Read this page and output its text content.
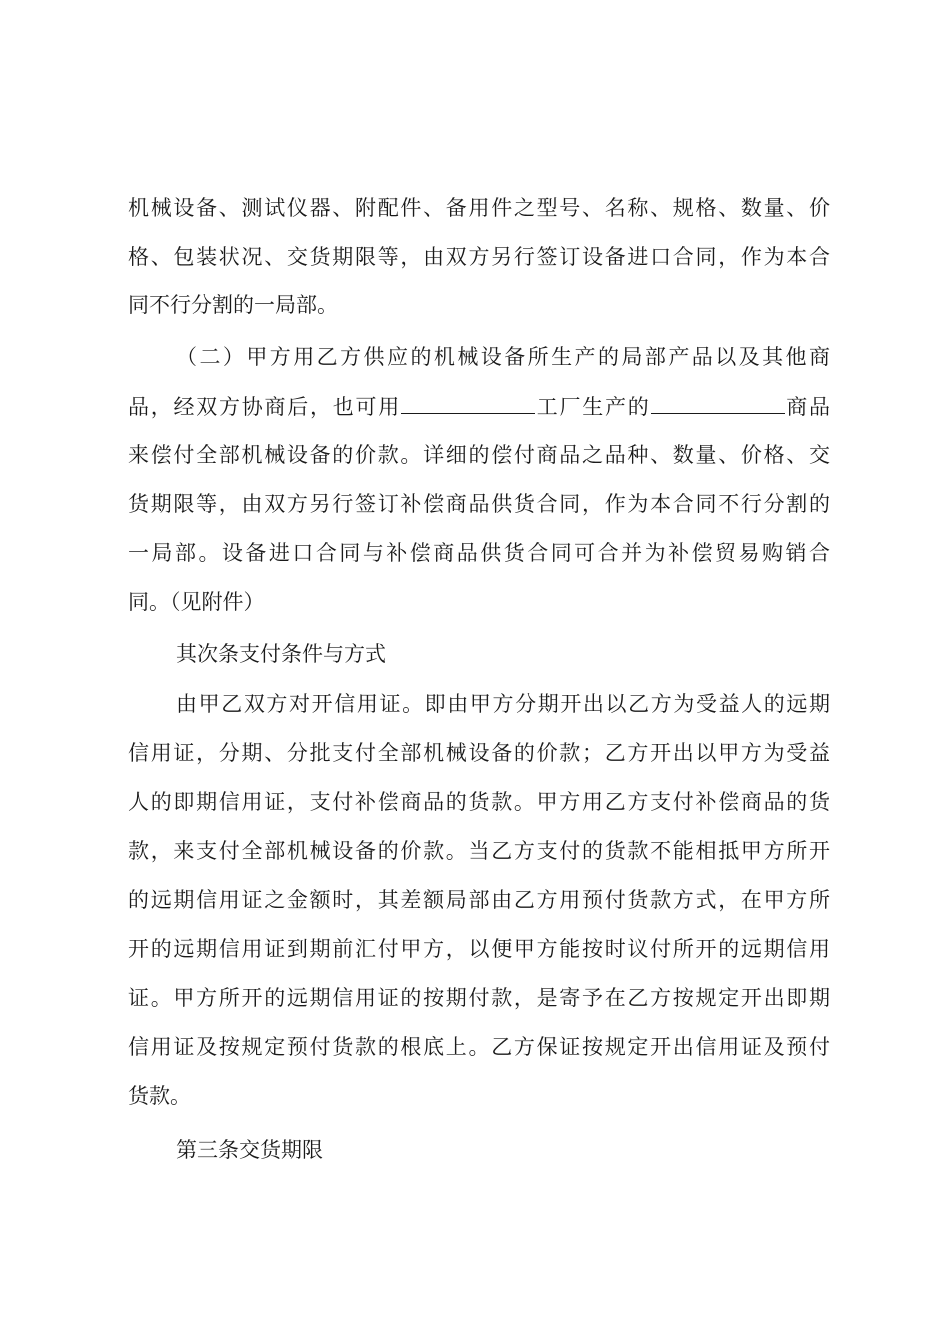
机械设备、测试仪器、附配件、备用件之型号、名称、规格、数量、价
格、包装状况、交货期限等，由双方另行签订设备进口合同，作为本合
同不行分割的一局部。
（二）甲方用乙方供应的机械设备所生产的局部产品以及其他商
品，经双方协商后，也可用	工厂生产的	商品
来偿付全部机械设备的价款。详细的偿付商品之品种、数量、价格、交
货期限等，由双方另行签订补偿商品供货合同，作为本合同不行分割的
一局部。设备进口合同与补偿商品供货合同可合并为补偿贸易购销合
同。（见附件）
其次条支付条件与方式
由甲乙双方对开信用证。即由甲方分期开出以乙方为受益人的远期
信用证，分期、分批支付全部机械设备的价款；乙方开出以甲方为受益
人的即期信用证，支付补偿商品的货款。甲方用乙方支付补偿商品的货
款，来支付全部机械设备的价款。当乙方支付的货款不能相抵甲方所开
的远期信用证之金额时，其差额局部由乙方用预付货款方式，在甲方所
开的远期信用证到期前汇付甲方，以便甲方能按时议付所开的远期信用
证。甲方所开的远期信用证的按期付款，是寄予在乙方按规定开出即期
信用证及按规定预付货款的根底上。乙方保证按规定开出信用证及预付
货款。
第三条交货期限
